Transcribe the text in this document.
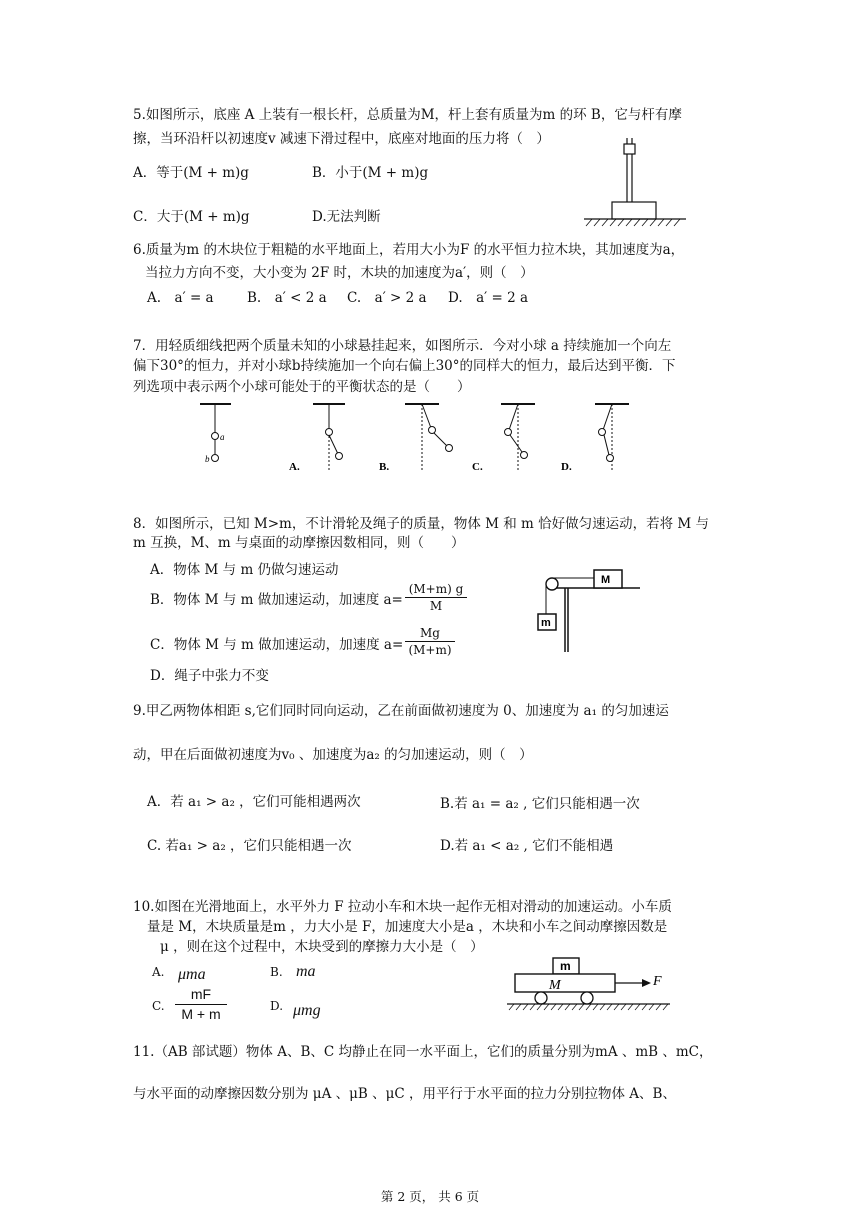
5.如图所示，底座 A 上装有一根长杆，总质量为M，杆上套有质量为m 的环 B，它与杆有摩
擦，当环沿杆以初速度v 减速下滑过程中，底座对地面的压力将（　）
A．等于(M + m)g	B．小于(M + m)g
C．大于(M + m)g	D.无法判断
6.质量为m 的木块位于粗糙的水平地面上，若用大小为F 的水平恒力拉木块，其加速度为a，
当拉力方向不变，大小变为 2F 时，木块的加速度为a′，则（　）
A.　a′ = a B.　a′ < 2 a C.　a′ > 2 a D.　a′ = 2 a
7．用轻质细线把两个质量未知的小球悬挂起来，如图所示．今对小球 a 持续施加一个向左
偏下30°的恒力，并对小球b持续施加一个向右偏上30°的同样大的恒力，最后达到平衡．下
列选项中表示两个小球可能处于的平衡状态的是（　　）
a
b
A.	B.	C.	D.
8．如图所示，已知 M>m，不计滑轮及绳子的质量，物体 M 和 m 恰好做匀速运动，若将 M 与
m 互换，M、m 与桌面的动摩擦因数相同，则（　　）
A．物体 M 与 m 仍做匀速运动
B．物体 M 与 m 做加速运动，加速度 a=
(M+m) g
M
C．物体 M 与 m 做加速运动，加速度 a=
Mg
(M+m)
D．绳子中张力不变
M
m
9.甲乙两物体相距 s,它们同时同向运动，乙在前面做初速度为 0、加速度为 a₁ 的匀加速运
动，甲在后面做初速度为v₀ 、加速度为a₂ 的匀加速运动，则（　）
A．若 a₁ > a₂ ，它们可能相遇两次	B.若 a₁ = a₂ , 它们只能相遇一次
C. 若a₁ > a₂ ，它们只能相遇一次	D.若 a₁ < a₂ , 它们不能相遇
10.如图在光滑地面上，水平外力 F 拉动小车和木块一起作无相对滑动的加速运动。小车质
量是 M，木块质量是m ，力大小是 F，加速度大小是a ，木块和小车之间动摩擦因数是
μ ，则在这个过程中，木块受到的摩擦力大小是（　）
A. μma	B. ma
C.
mF
M + m	D. μmg
m
M	F
11.（AB 部试题）物体 A、B、C 均静止在同一水平面上，它们的质量分别为mA 、mB 、mC，
与水平面的动摩擦因数分别为 μA 、μB 、μC ，用平行于水平面的拉力分别拉物体 A、B、
第 2 页， 共 6 页
